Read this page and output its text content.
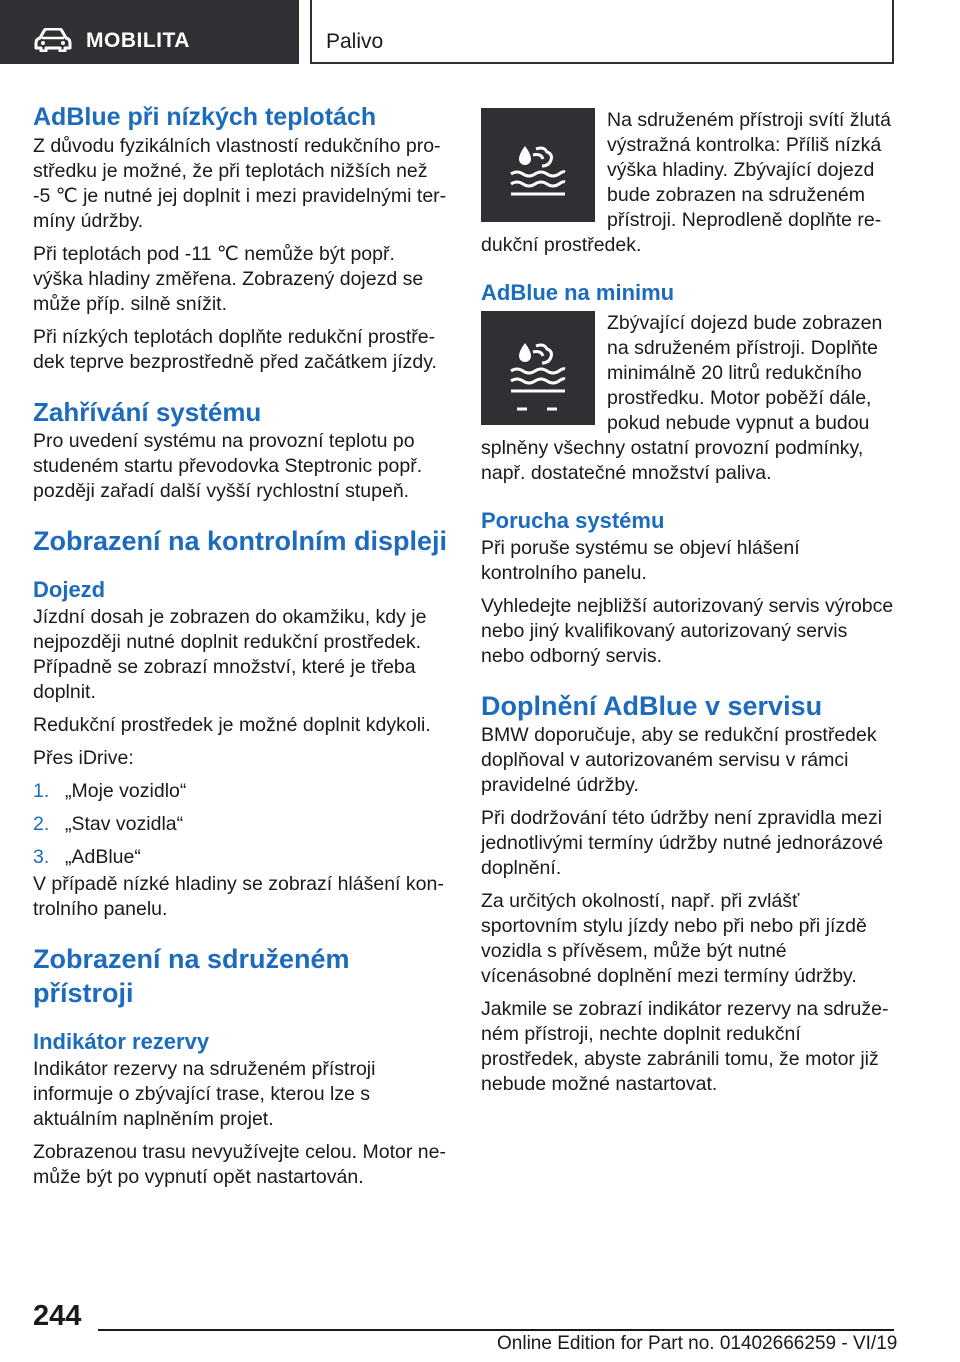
MOBILITA	Palivo
AdBlue při nízkých teplotách

Z důvodu fyzikálních vlastností redukčního prostředku je možné, že při teplotách nižších než -5 ℃ je nutné jej doplnit i mezi pravidelnými termíny údržby.

Při teplotách pod -11 ℃ nemůže být popř. výška hladiny změřena. Zobrazený dojezd se může příp. silně snížit.

Při nízkých teplotách doplňte redukční prostředek teprve bezprostředně před začátkem jízdy.

Zahřívání systému

Pro uvedení systému na provozní teplotu po studeném startu převodovka Steptronic popř. později zařadí další vyšší rychlostní stupeň.

Zobrazení na kontrolním displeji
Dojezd

Jízdní dosah je zobrazen do okamžiku, kdy je nejpozději nutné doplnit redukční prostředek. Případně se zobrazí množství, které je třeba doplnit.

Redukční prostředek je možné doplnit kdykoli.

Přes iDrive:

1. „Moje vozidlo“
2. „Stav vozidla“
3. „AdBlue“

V případě nízké hladiny se zobrazí hlášení kontrolního panelu.

Zobrazení na sdruženém přístroji
Indikátor rezervy

Indikátor rezervy na sdruženém přístroji informuje o zbývající trase, kterou lze s aktuálním naplněním projet.

Zobrazenou trasu nevyužívejte celou. Motor nemůže být po vypnutí opět nastartován.

Na sdruženém přístroji svítí žlutá výstražná kontrolka: Příliš nízká výška hladiny. Zbývající dojezd bude zobrazen na sdruženém přístroji. Neprodleně doplňte redukční prostředek.

AdBlue na minimu

Zbývající dojezd bude zobrazen na sdruženém přístroji. Doplňte minimálně 20 litrů redukčního prostředku. Motor poběží dále, pokud nebude vypnut a budou splněny všechny ostatní provozní podmínky, např. dostatečné množství paliva.

Porucha systému

Při poruše systému se objeví hlášení kontrolního panelu.

Vyhledejte nejbližší autorizovaný servis výrobce nebo jiný kvalifikovaný autorizovaný servis nebo odborný servis.

Doplnění AdBlue v servisu

BMW doporučuje, aby se redukční prostředek doplňoval v autorizovaném servisu v rámci pravidelné údržby.

Při dodržování této údržby není zpravidla mezi jednotlivými termíny údržby nutné jednorázové doplnění.

Za určitých okolností, např. při zvlášť sportovním stylu jízdy nebo při nebo při jízdě vozidla s přívěsem, může být nutné vícenásobné doplnění mezi termíny údržby.

Jakmile se zobrazí indikátor rezervy na sdruženém přístroji, nechte doplnit redukční prostředek, abyste zabránili tomu, že motor již nebude možné nastartovat.

244
Online Edition for Part no. 01402666259 - VI/19
